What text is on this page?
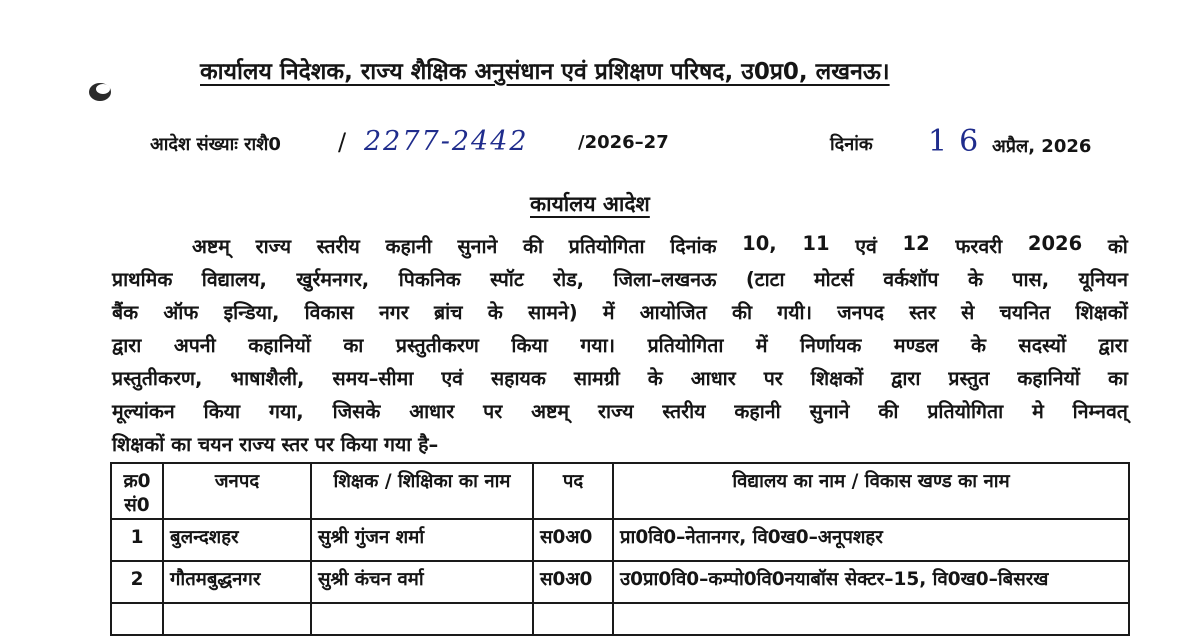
कार्यालय निदेशक, राज्य शैक्षिक अनुसंधान एवं प्रशिक्षण परिषद, उ0प्र0, लखनऊ।
आदेश संख्याः राशै0 / 2277-2442	/2026–27	दिनांक 16 अप्रैल, 2026
कार्यालय आदेश
अष्टम् राज्य स्तरीय कहानी सुनाने की प्रतियोगिता दिनांक 10, 11 एवं 12 फरवरी 2026 को
प्राथमिक विद्यालय, खुर्रमनगर, पिकनिक स्पॉट रोड, जिला–लखनऊ (टाटा मोटर्स वर्कशॉप के पास, यूनियन
बैंक ऑफ इन्डिया, विकास नगर ब्रांच के सामने) में आयोजित की गयी। जनपद स्तर से चयनित शिक्षकों
द्वारा अपनी कहानियों का प्रस्तुतीकरण किया गया। प्रतियोगिता में निर्णायक मण्डल के सदस्यों द्वारा
प्रस्तुतीकरण, भाषाशैली, समय–सीमा एवं सहायक सामग्री के आधार पर शिक्षकों द्वारा प्रस्तुत कहानियों का
मूल्यांकन किया गया, जिसके आधार पर अष्टम् राज्य स्तरीय कहानी सुनाने की प्रतियोगिता मे निम्नवत्
शिक्षकों का चयन राज्य स्तर पर किया गया है–
क्र0 सं0	जनपद	शिक्षक / शिक्षिका का नाम	पद	विद्यालय का नाम / विकास खण्ड का नाम
1	बुलन्दशहर	सुश्री गुंजन शर्मा	स0अ0	प्रा0वि0–नेतानगर, वि0ख0–अनूपशहर
2	गौतमबुद्धनगर	सुश्री कंचन वर्मा	स0अ0	उ0प्रा0वि0–कम्पो0वि0नयाबॉस सेक्टर–15, वि0ख0–बिसरख
